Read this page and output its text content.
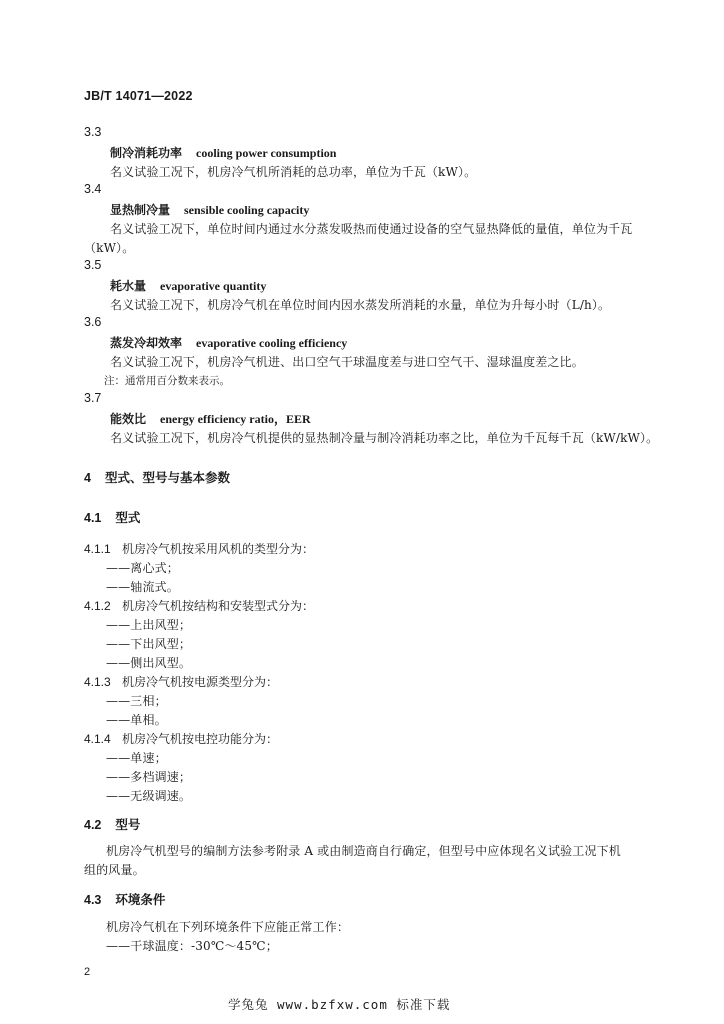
JB/T 14071—2022
3.3
制冷消耗功率 cooling power consumption
名义试验工况下，机房冷气机所消耗的总功率，单位为千瓦（kW）。
3.4
显热制冷量 sensible cooling capacity
名义试验工况下，单位时间内通过水分蒸发吸热而使通过设备的空气显热降低的量值，单位为千瓦
（kW）。
3.5
耗水量 evaporative quantity
名义试验工况下，机房冷气机在单位时间内因水蒸发所消耗的水量，单位为升每小时（L/h）。
3.6
蒸发冷却效率 evaporative cooling efficiency
名义试验工况下，机房冷气机进、出口空气干球温度差与进口空气干、湿球温度差之比。
注：通常用百分数来表示。
3.7
能效比 energy efficiency ratio，EER
名义试验工况下，机房冷气机提供的显热制冷量与制冷消耗功率之比，单位为千瓦每千瓦（kW/kW）。
4 型式、型号与基本参数
4.1 型式
4.1.1 机房冷气机按采用风机的类型分为：
——离心式；
——轴流式。
4.1.2 机房冷气机按结构和安装型式分为：
——上出风型；
——下出风型；
——侧出风型。
4.1.3 机房冷气机按电源类型分为：
——三相；
——单相。
4.1.4 机房冷气机按电控功能分为：
——单速；
——多档调速；
——无级调速。
4.2 型号
机房冷气机型号的编制方法参考附录 A 或由制造商自行确定，但型号中应体现名义试验工况下机
组的风量。
4.3 环境条件
机房冷气机在下列环境条件下应能正常工作：
——干球温度：-30℃～45℃；
2
学兔兔 www.bzfxw.com 标准下载
